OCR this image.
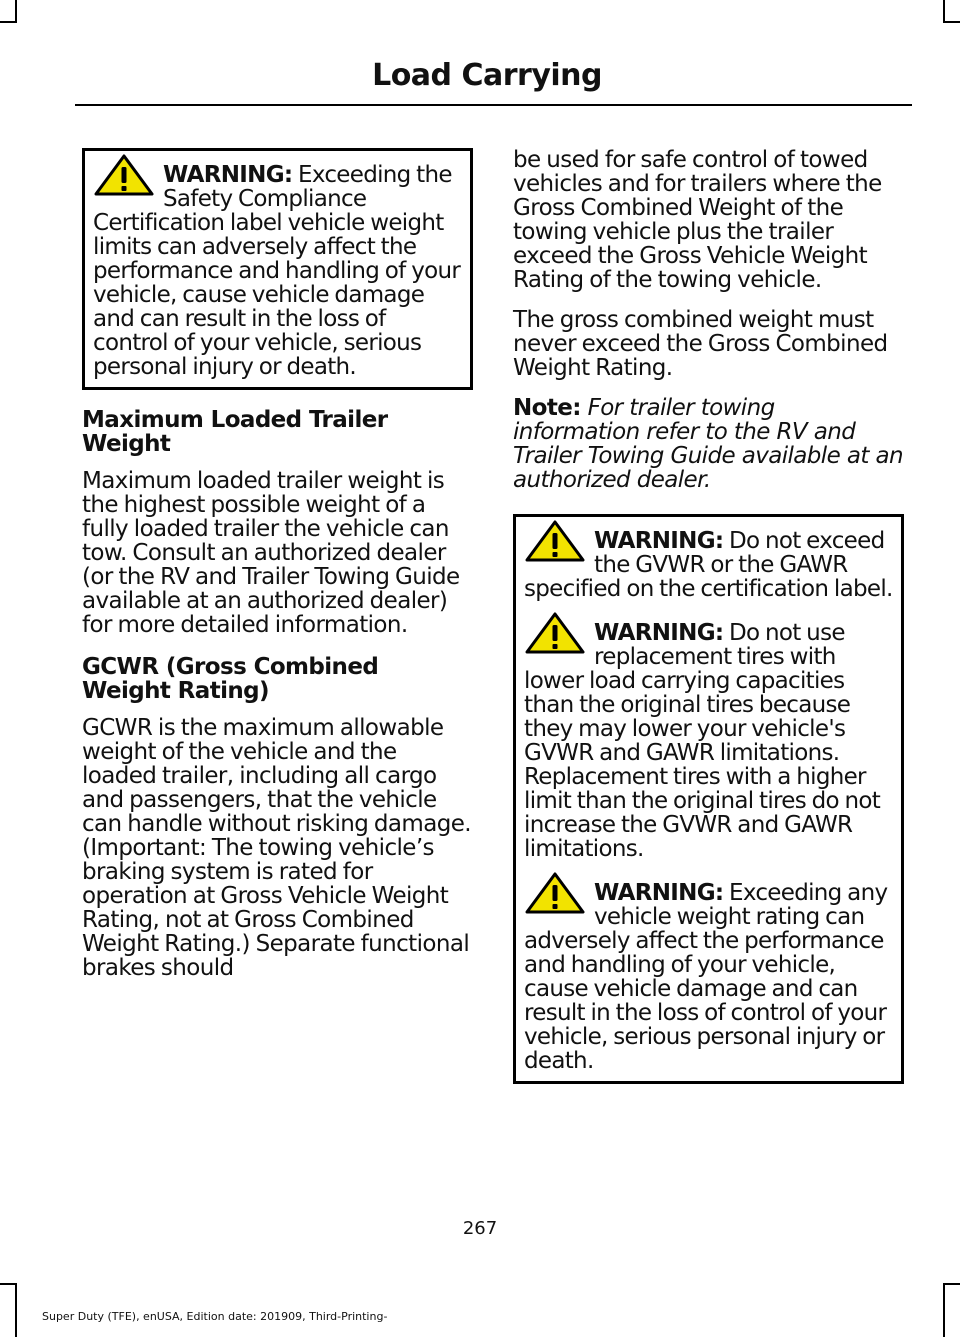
Load Carrying
WARNING: Exceeding the Safety Compliance Certification label vehicle weight limits can adversely affect the performance and handling of your vehicle, cause vehicle damage and can result in the loss of control of your vehicle, serious personal injury or death.
Maximum Loaded Trailer Weight

Maximum loaded trailer weight is the highest possible weight of a fully loaded trailer the vehicle can tow. Consult an authorized dealer (or the RV and Trailer Towing Guide available at an authorized dealer) for more detailed information.

GCWR (Gross Combined Weight Rating)

GCWR is the maximum allowable weight of the vehicle and the loaded trailer, including all cargo and passengers, that the vehicle can handle without risking damage. (Important: The towing vehicle’s braking system is rated for operation at Gross Vehicle Weight Rating, not at Gross Combined Weight Rating.) Separate functional brakes should

be used for safe control of towed vehicles and for trailers where the Gross Combined Weight of the towing vehicle plus the trailer exceed the Gross Vehicle Weight Rating of the towing vehicle.

The gross combined weight must never exceed the Gross Combined Weight Rating.

Note: For trailer towing information refer to the RV and Trailer Towing Guide available at an authorized dealer.

WARNING: Do not exceed the GVWR or the GAWR specified on the certification label.
WARNING: Do not use replacement tires with lower load carrying capacities than the original tires because they may lower your vehicle's GVWR and GAWR limitations. Replacement tires with a higher limit than the original tires do not increase the GVWR and GAWR limitations.
WARNING: Exceeding any vehicle weight rating can adversely affect the performance and handling of your vehicle, cause vehicle damage and can result in the loss of control of your vehicle, serious personal injury or death.
267
Super Duty (TFE), enUSA, Edition date: 201909, Third-Printing-
